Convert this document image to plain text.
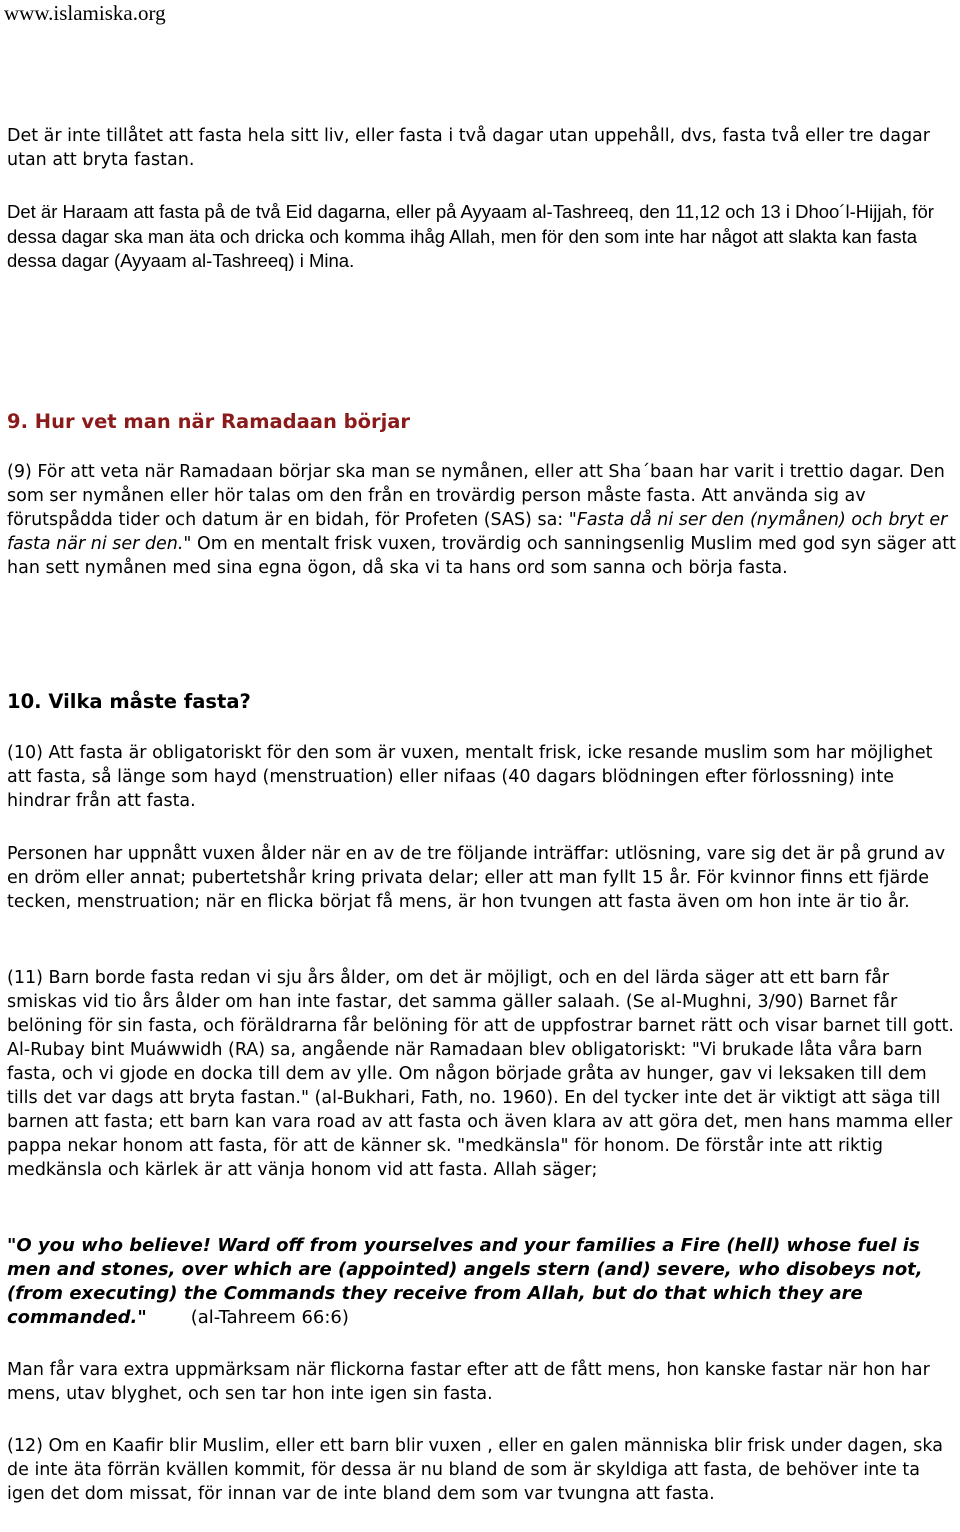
www.islamiska.org

Det är inte tillåtet att fasta hela sitt liv, eller fasta i två dagar utan uppehåll, dvs, fasta två eller tre dagar utan att bryta fastan.

Det är Haraam att fasta på de två Eid dagarna, eller på Ayyaam al-Tashreeq, den 11,12 och 13 i Dhoo´l-Hijjah, för dessa dagar ska man äta och dricka och komma ihåg Allah, men för den som inte har något att slakta kan fasta dessa dagar (Ayyaam al-Tashreeq) i Mina.

9. Hur vet man när Ramadaan börjar

(9) För att veta när Ramadaan börjar ska man se nymånen, eller att Sha´baan har varit i trettio dagar. Den som ser nymånen eller hör talas om den från en trovärdig person måste fasta. Att använda sig av förutspådda tider och datum är en bidah, för Profeten (SAS) sa: "Fasta då ni ser den (nymånen) och bryt er fasta när ni ser den." Om en mentalt frisk vuxen, trovärdig och sanningsenlig Muslim med god syn säger att han sett nymånen med sina egna ögon, då ska vi ta hans ord som sanna och börja fasta.

10. Vilka måste fasta?

(10) Att fasta är obligatoriskt för den som är vuxen, mentalt frisk, icke resande muslim som har möjlighet att fasta, så länge som hayd (menstruation) eller nifaas (40 dagars blödningen efter förlossning) inte hindrar från att fasta.

Personen har uppnått vuxen ålder när en av de tre följande inträffar: utlösning, vare sig det är på grund av en dröm eller annat; pubertetshår kring privata delar; eller att man fyllt 15 år. För kvinnor finns ett fjärde tecken, menstruation; när en flicka börjat få mens, är hon tvungen att fasta även om hon inte är tio år.

(11) Barn borde fasta redan vi sju års ålder, om det är möjligt, och en del lärda säger att ett barn får smiskas vid tio års ålder om han inte fastar, det samma gäller salaah. (Se al-Mughni, 3/90) Barnet får belöning för sin fasta, och föräldrarna får belöning för att de uppfostrar barnet rätt och visar barnet till gott. Al-Rubay bint Muáwwidh (RA) sa, angående när Ramadaan blev obligatoriskt: "Vi brukade låta våra barn fasta, och vi gjode en docka till dem av ylle. Om någon började gråta av hunger, gav vi leksaken till dem tills det var dags att bryta fastan." (al-Bukhari, Fath, no. 1960). En del tycker inte det är viktigt att säga till barnen att fasta; ett barn kan vara road av att fasta och även klara av att göra det, men hans mamma eller pappa nekar honom att fasta, för att de känner sk. "medkänsla" för honom. De förstår inte att riktig medkänsla och kärlek är att vänja honom vid att fasta. Allah säger;

"O you who believe! Ward off from yourselves and your families a Fire (hell) whose fuel is men and stones, over which are (appointed) angels stern (and) severe, who disobeys not, (from executing) the Commands they receive from Allah, but do that which they are commanded." (al-Tahreem 66:6)

Man får vara extra uppmärksam när flickorna fastar efter att de fått mens, hon kanske fastar när hon har mens, utav blyghet, och sen tar hon inte igen sin fasta.

(12) Om en Kaafir blir Muslim, eller ett barn blir vuxen , eller en galen människa blir frisk under dagen, ska de inte äta förrän kvällen kommit, för dessa är nu bland de som är skyldiga att fasta, de behöver inte ta igen det dom missat, för innan var de inte bland dem som var tvungna att fasta.
